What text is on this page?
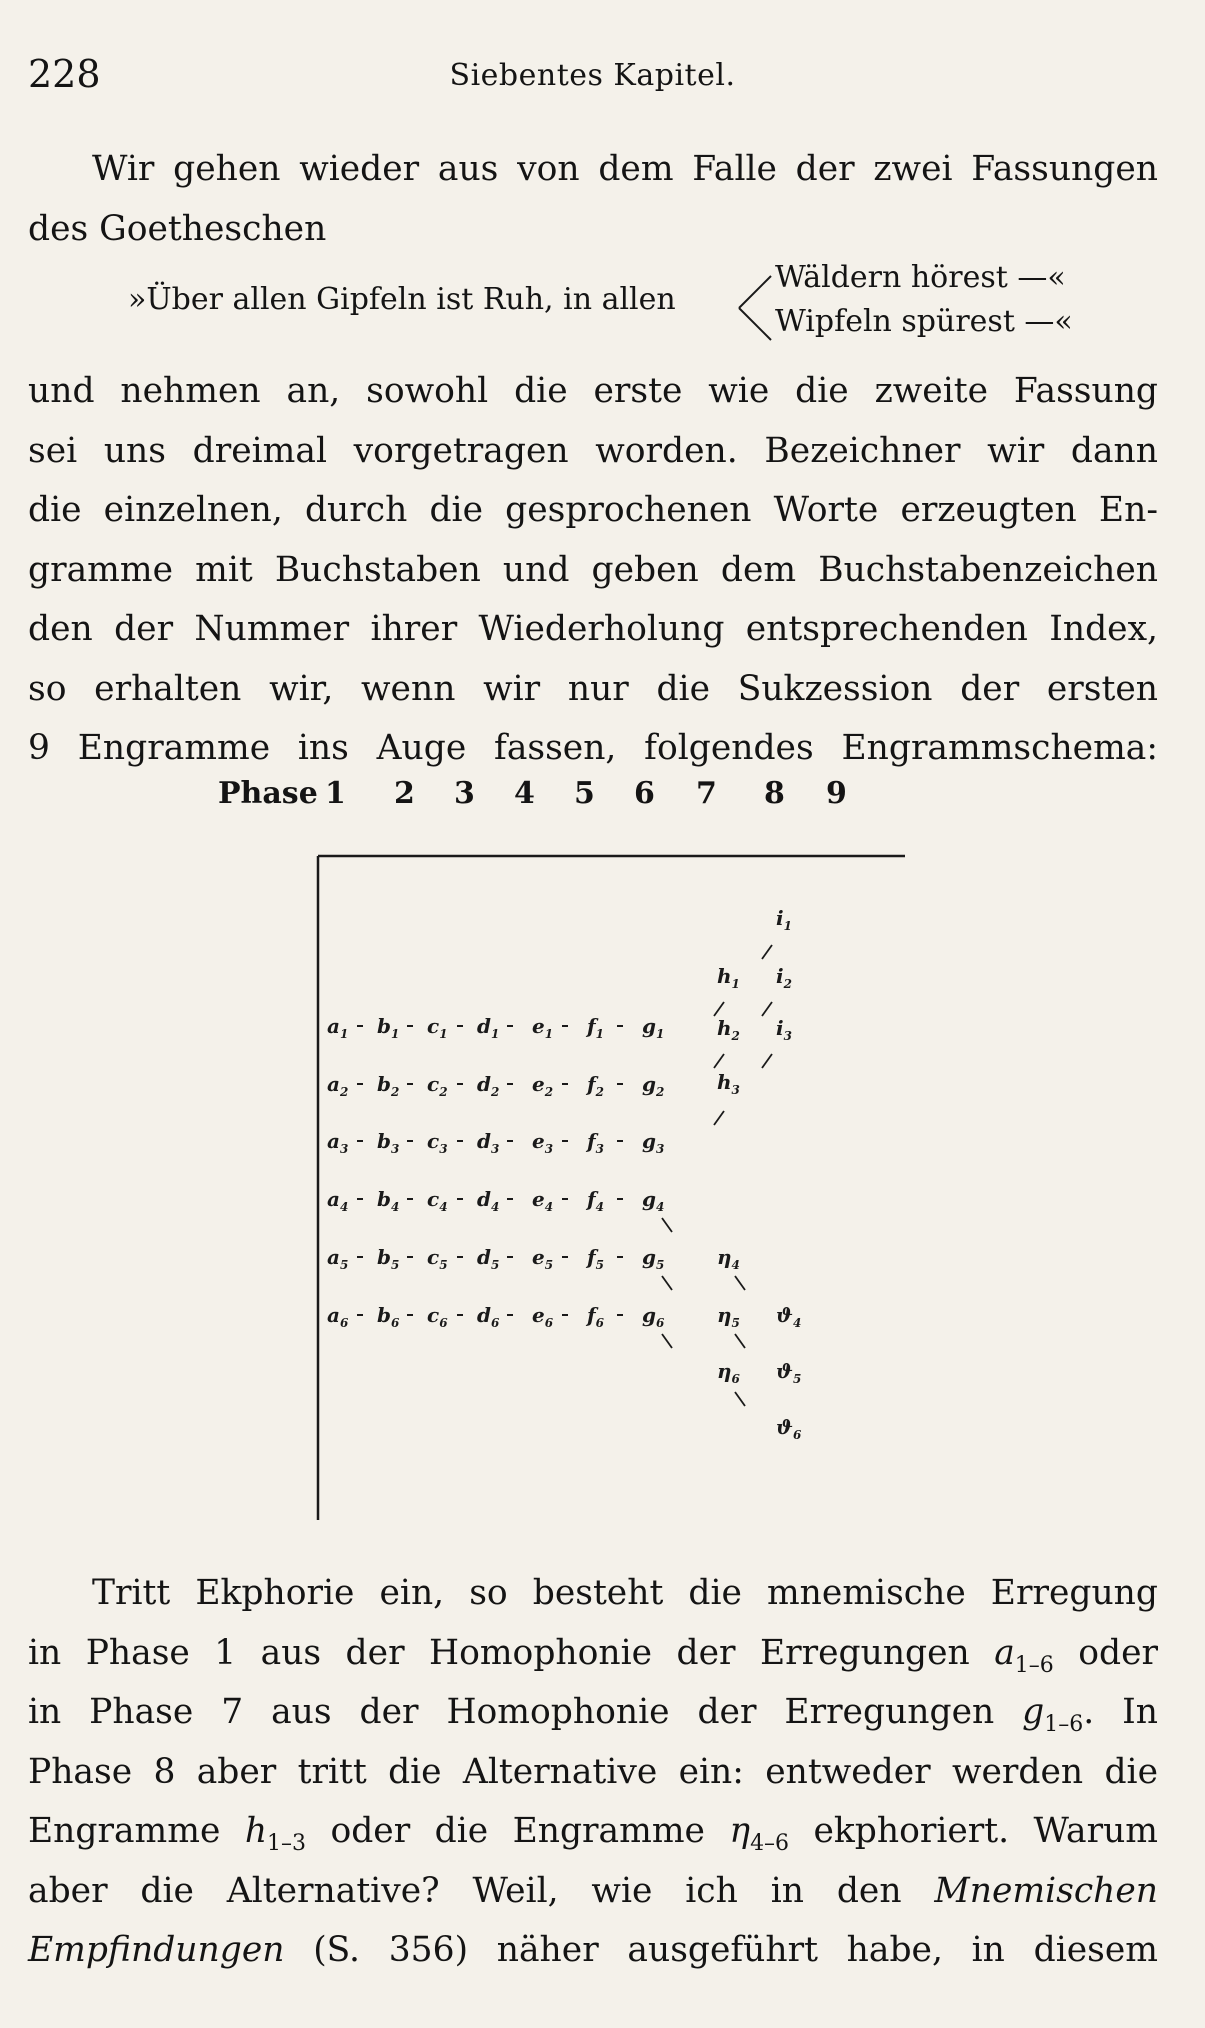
228	Siebentes Kapitel.
Wir gehen wieder aus von dem Falle der zwei Fassungen
des Goetheschen
»Über allen Gipfeln ist Ruh, in allen
Wäldern hörest —«
Wipfeln spürest —«
und nehmen an, sowohl die erste wie die zweite Fassung
sei uns dreimal vorgetragen worden. Bezeichner wir dann
die einzelnen, durch die gesprochenen Worte erzeugten En-
gramme mit Buchstaben und geben dem Buchstabenzeichen
den der Nummer ihrer Wiederholung entsprechenden Index,
so erhalten wir, wenn wir nur die Sukzession der ersten
9 Engramme ins Auge fassen, folgendes Engrammschema:
Phase 1 2 3 4 5 6 7 8 9
$a_1$ $b_1$ $c_1$ $d_1$ $e_1$ $f_1$ $g_1$
$a_2$ $b_2$ $c_2$ $d_2$ $e_2$ $f_2$ $g_2$
$a_3$ $b_3$ $c_3$ $d_3$ $e_3$ $f_3$ $g_3$
$a_4$ $b_4$ $c_4$ $d_4$ $e_4$ $f_4$ $g_4$
$a_5$ $b_5$ $c_5$ $d_5$ $e_5$ $f_5$ $g_5$
$a_6$ $b_6$ $c_6$ $d_6$ $e_6$ $f_6$ $g_6$
$i_1$
$h_1$ $i_2$
$h_2$ $i_3$
$h_3$
$\eta_4$
$\eta_5$ $ϑ_4$
$\eta_6$ $ϑ_5$
$ϑ_6$
Tritt Ekphorie ein, so besteht die mnemische Erregung
in Phase 1 aus der Homophonie der Erregungen $a_{1-6}$ oder
in Phase 7 aus der Homophonie der Erregungen $g_{1-6}$. In
Phase 8 aber tritt die Alternative ein: entweder werden die
Engramme $h_{1-3}$ oder die Engramme $\eta_{4-6}$ ekphoriert. Warum
aber die Alternative? Weil, wie ich in den Mnemischen
Empfindungen (S. 356) näher ausgeführt habe, in diesem
